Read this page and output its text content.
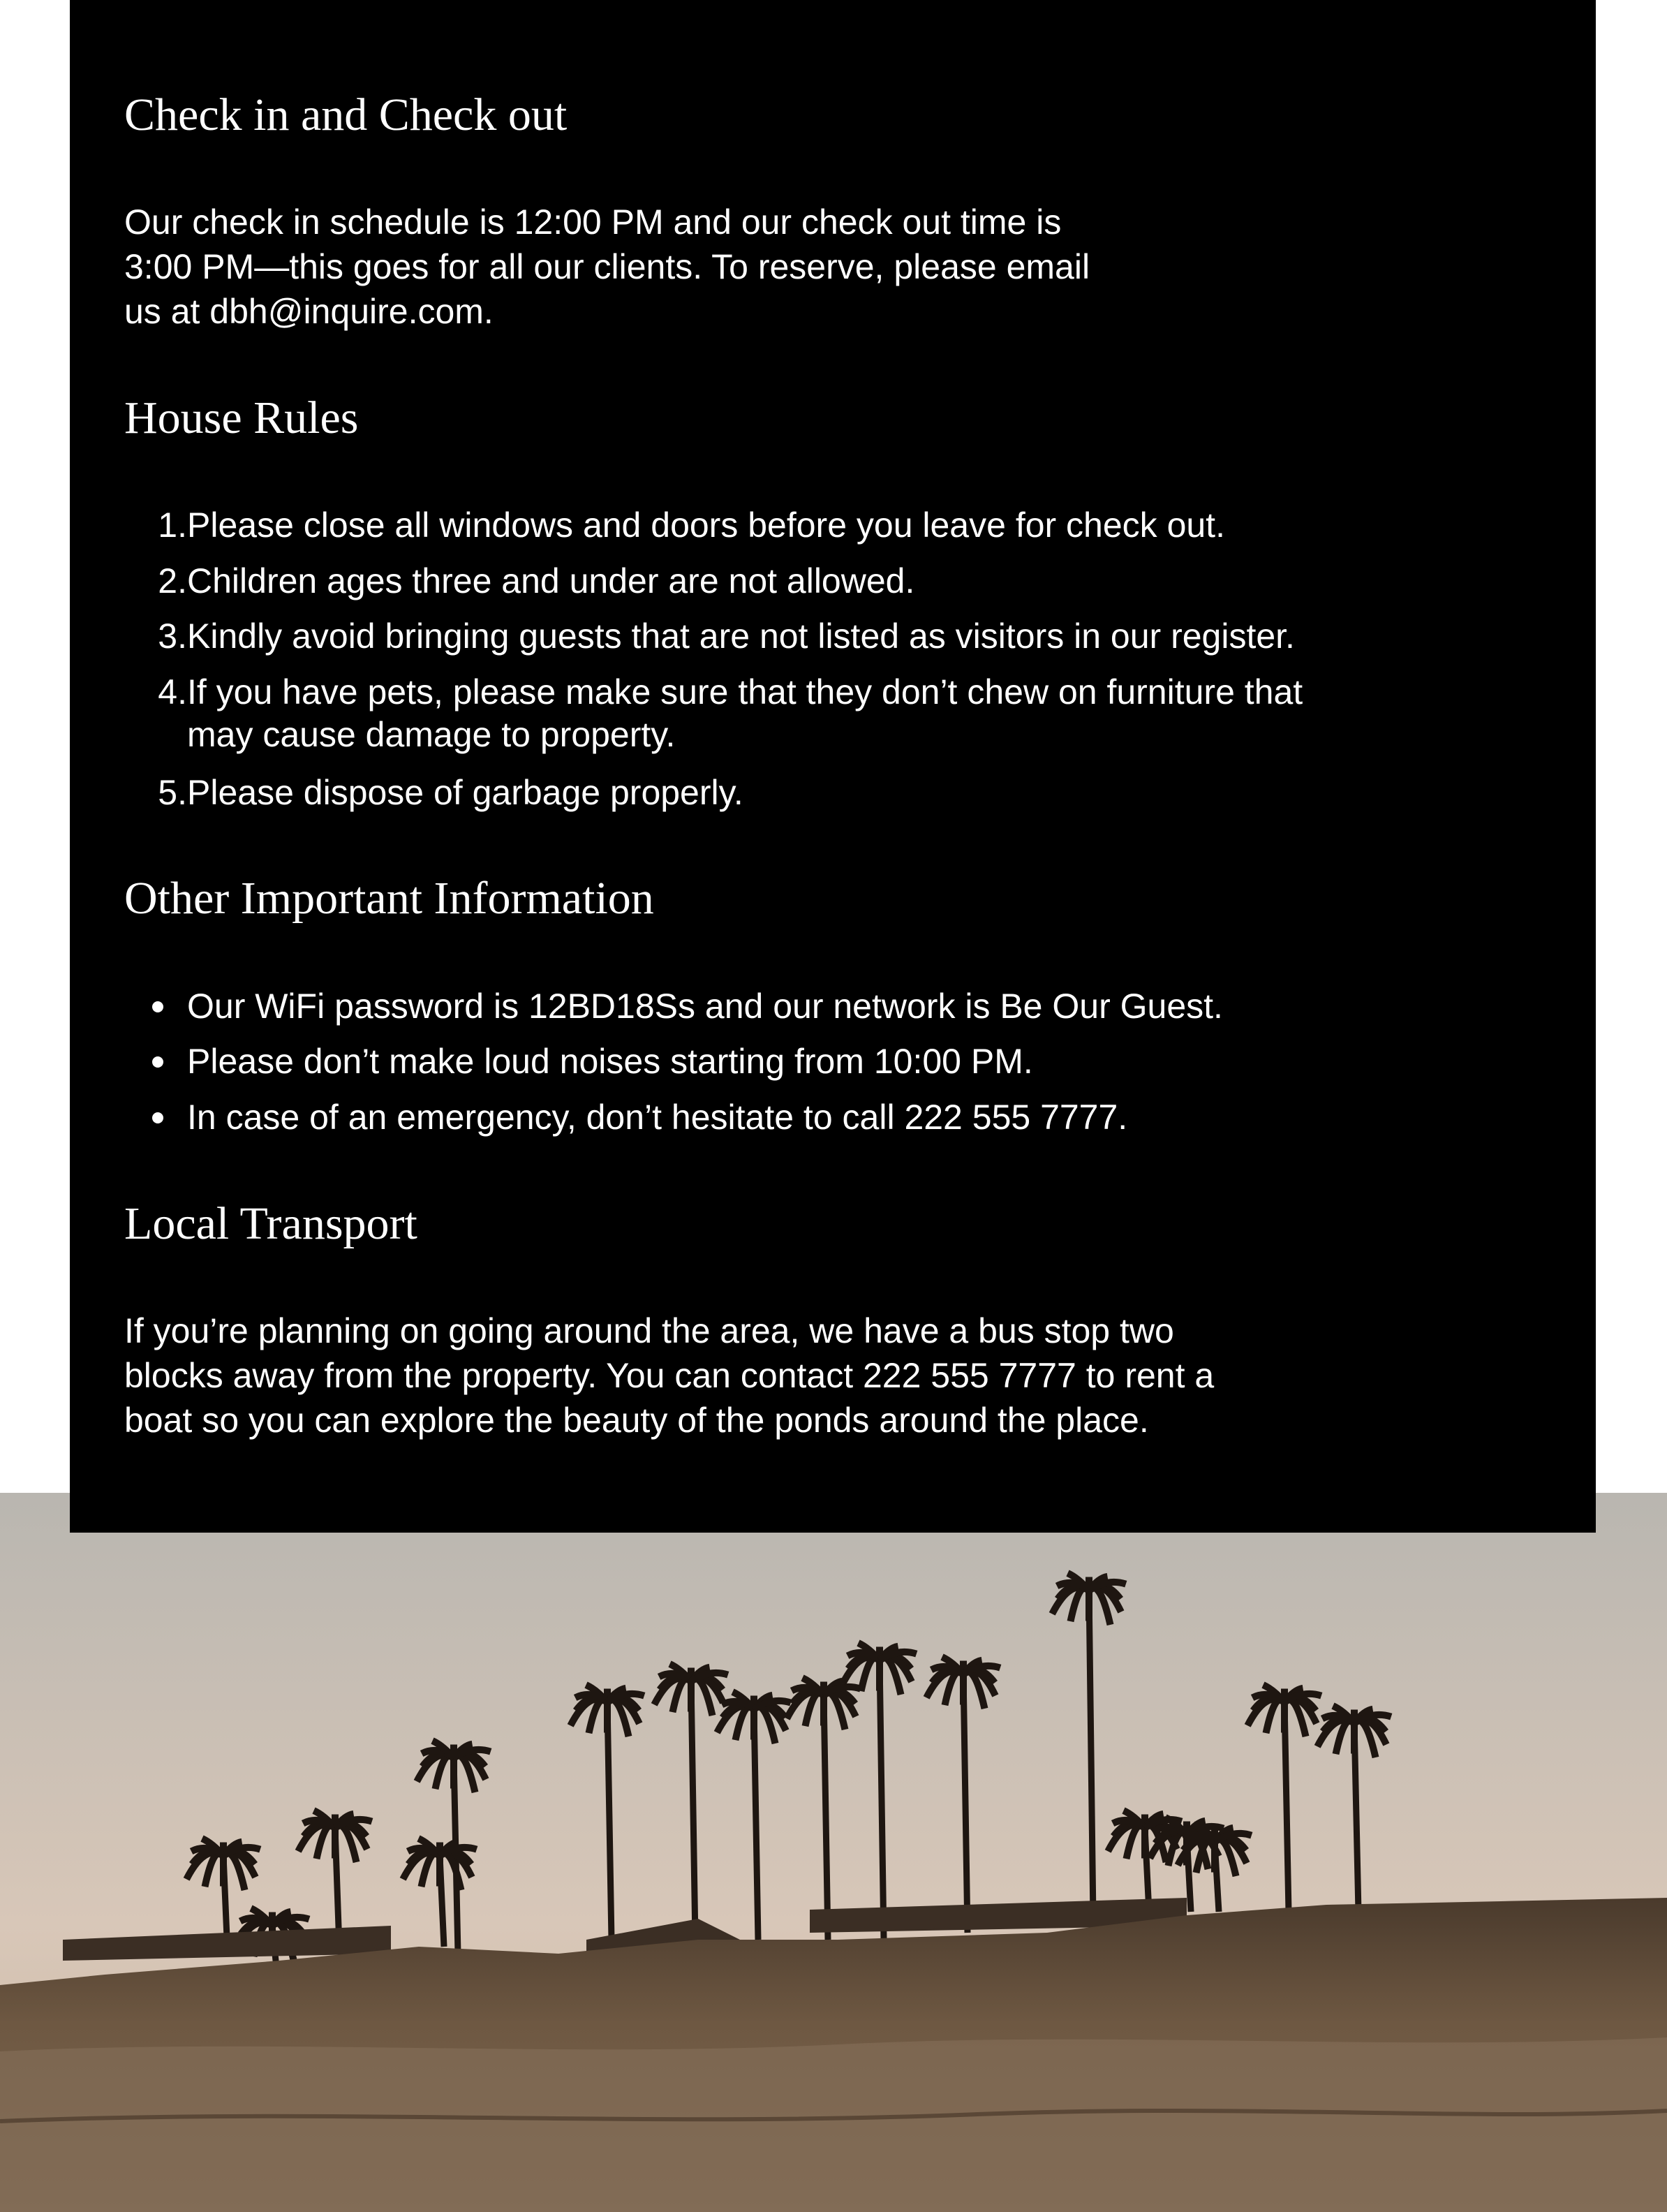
Check in and Check out
Our check in schedule is 12:00 PM and our check out time is
3:00 PM—this goes for all our clients. To reserve, please email
us at dbh@inquire.com.
House Rules
1. Please close all windows and doors before you leave for check out.
2. Children ages three and under are not allowed.
3. Kindly avoid bringing guests that are not listed as visitors in our register.
4. If you have pets, please make sure that they don’t chew on furniture that
may cause damage to property.
5. Please dispose of garbage properly.
Other Important Information
Our WiFi password is 12BD18Ss and our network is Be Our Guest.
Please don’t make loud noises starting from 10:00 PM.
In case of an emergency, don’t hesitate to call 222 555 7777.
Local Transport
If you’re planning on going around the area, we have a bus stop two
blocks away from the property. You can contact 222 555 7777 to rent a
boat so you can explore the beauty of the ponds around the place.
